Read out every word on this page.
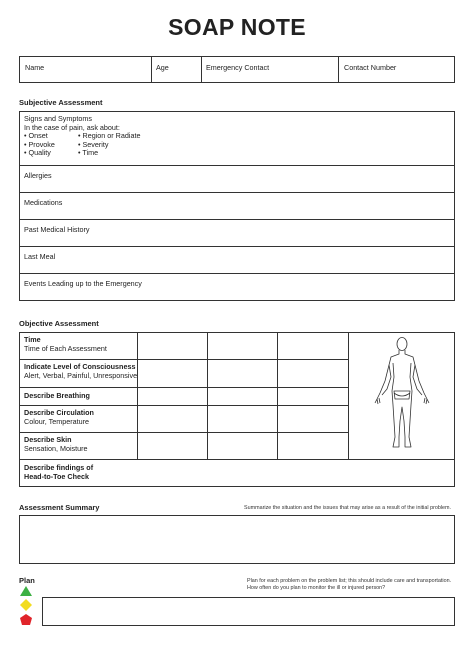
SOAP NOTE
Name	Age	Emergency Contact	Contact Number
Subjective Assessment
Signs and Symptoms
In the case of pain, ask about:
• Onset
• Provoke
• Quality
• Region or Radiate
• Severity
• Time
Allergies
Medications
Past Medical History
Last Meal
Events Leading up to the Emergency
Objective Assessment
Time
Time of Each Assessment
Indicate Level of Consciousness
Alert, Verbal, Painful, Unresponsive
Describe Breathing
Describe Circulation
Colour, Temperature
Describe Skin
Sensation, Moisture
Describe findings of
Head-to-Toe Check
Assessment Summary	Summarize the situation and the issues that may arise as a result of the initial problem.
Plan	Plan for each problem on the problem list; this should include care and transportation.
How often do you plan to monitor the ill or injured person?
